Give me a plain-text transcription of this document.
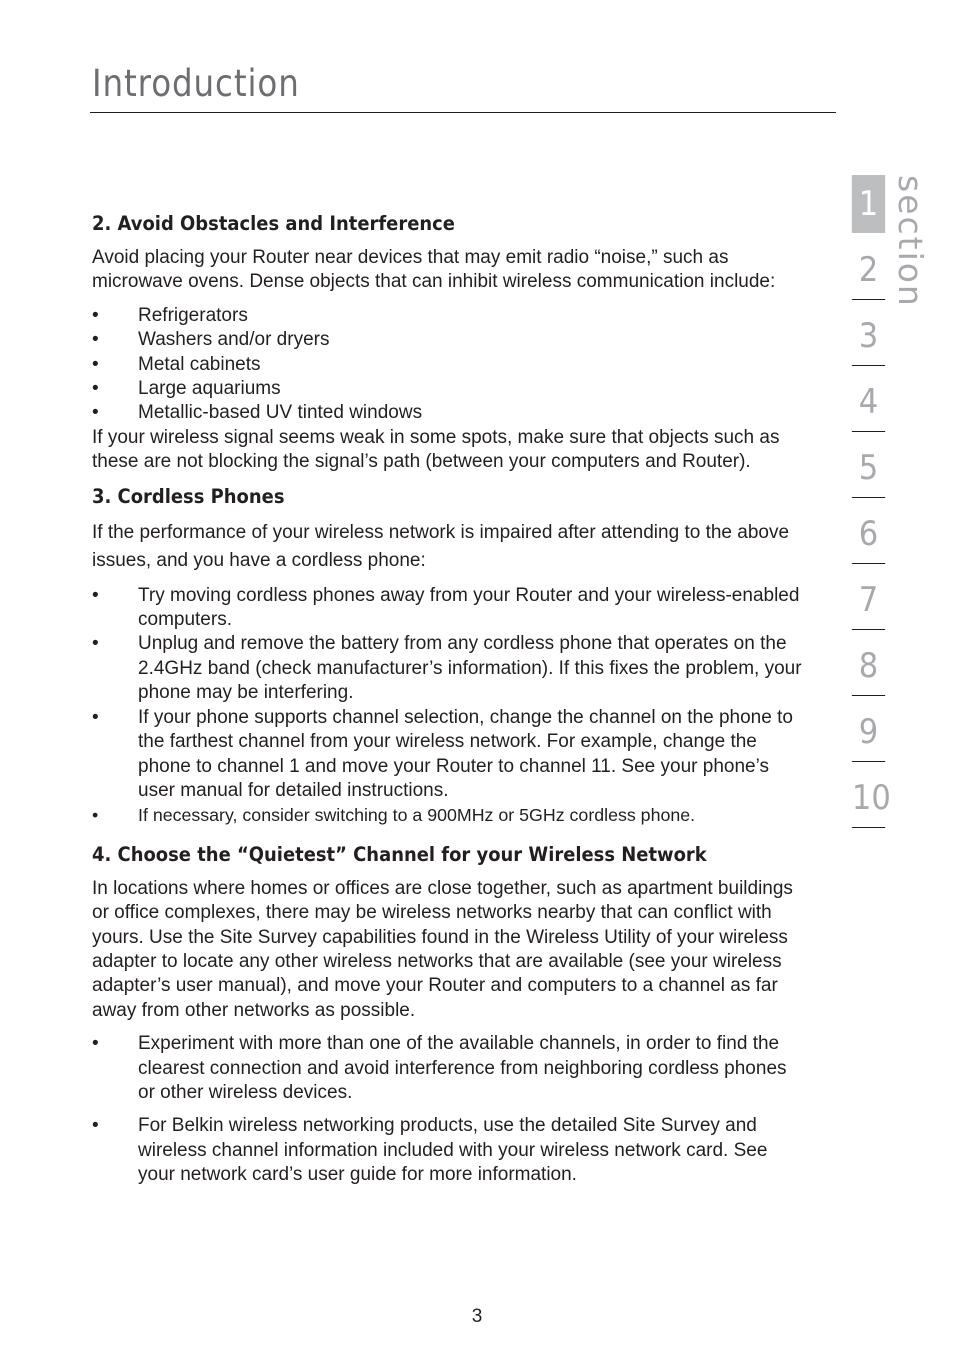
Introduction
section
1
2
3
4
5
6
7
8
9
10
2. Avoid Obstacles and Interference

Avoid placing your Router near devices that may emit radio “noise,” such as microwave ovens. Dense objects that can inhibit wireless communication include:

• Refrigerators
• Washers and/or dryers
• Metal cabinets
• Large aquariums
• Metallic-based UV tinted windows

If your wireless signal seems weak in some spots, make sure that objects such as these are not blocking the signal’s path (between your computers and Router).

3. Cordless Phones

If the performance of your wireless network is impaired after attending to the above issues, and you have a cordless phone:

• Try moving cordless phones away from your Router and your wireless-enabled computers.
• Unplug and remove the battery from any cordless phone that operates on the 2.4GHz band (check manufacturer’s information). If this fixes the problem, your phone may be interfering.
• If your phone supports channel selection, change the channel on the phone to the farthest channel from your wireless network. For example, change the phone to channel 1 and move your Router to channel 11. See your phone’s user manual for detailed instructions.
• If necessary, consider switching to a 900MHz or 5GHz cordless phone.
4. Choose the “Quietest” Channel for your Wireless Network

In locations where homes or offices are close together, such as apartment buildings or office complexes, there may be wireless networks nearby that can conflict with yours. Use the Site Survey capabilities found in the Wireless Utility of your wireless adapter to locate any other wireless networks that are available (see your wireless adapter’s user manual), and move your Router and computers to a channel as far away from other networks as possible.

• Experiment with more than one of the available channels, in order to find the clearest connection and avoid interference from neighboring cordless phones or other wireless devices.
• For Belkin wireless networking products, use the detailed Site Survey and wireless channel information included with your wireless network card. See your network card’s user guide for more information.
3
